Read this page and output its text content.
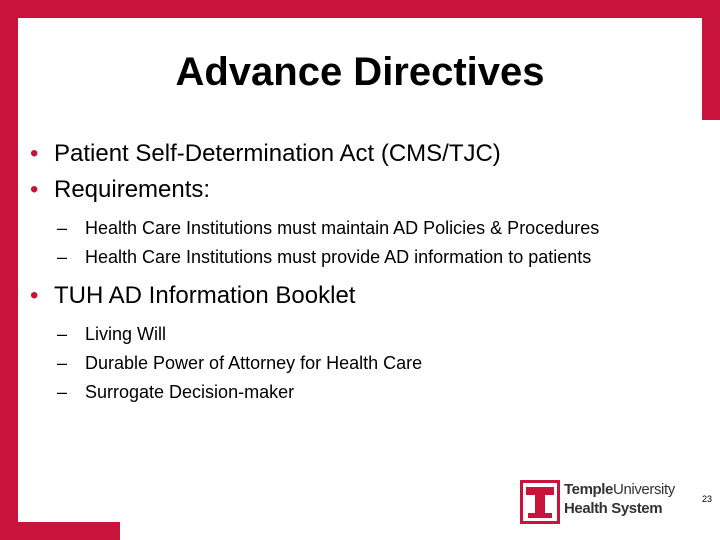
Advance Directives
• Patient Self-Determination Act (CMS/TJC)
• Requirements:
– Health Care Institutions must maintain AD Policies & Procedures
– Health Care Institutions must provide AD information to patients
• TUH AD Information Booklet
– Living Will
– Durable Power of Attorney for Health Care
– Surrogate Decision-maker
TempleUniversity
Health System
23
